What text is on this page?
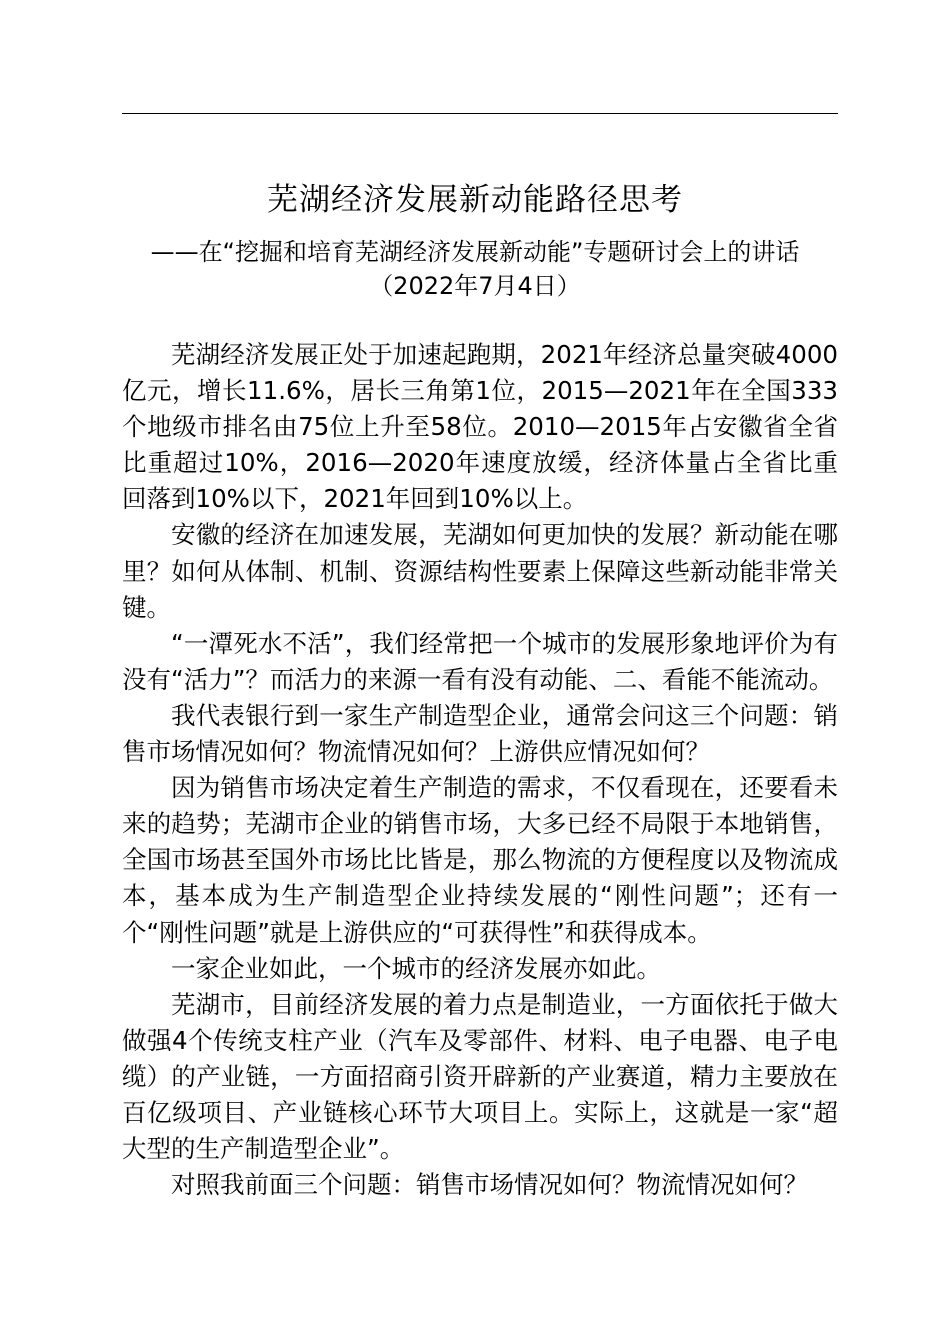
芜湖经济发展新动能路径思考
——在“挖掘和培育芜湖经济发展新动能”专题研讨会上的讲话
（2022年7月4日）

芜湖经济发展正处于加速起跑期，2021年经济总量突破4000亿元，增长11.6%，居长三角第1位，2015—2021年在全国333个地级市排名由75位上升至58位。2010—2015年占安徽省全省比重超过10%，2016—2020年速度放缓，经济体量占全省比重回落到10%以下，2021年回到10%以上。

安徽的经济在加速发展，芜湖如何更加快的发展？新动能在哪里？如何从体制、机制、资源结构性要素上保障这些新动能非常关键。

“一潭死水不活”，我们经常把一个城市的发展形象地评价为有没有“活力”？而活力的来源一看有没有动能、二、看能不能流动。

我代表银行到一家生产制造型企业，通常会问这三个问题：销售市场情况如何？物流情况如何？上游供应情况如何？

因为销售市场决定着生产制造的需求，不仅看现在，还要看未来的趋势；芜湖市企业的销售市场，大多已经不局限于本地销售，全国市场甚至国外市场比比皆是，那么物流的方便程度以及物流成本，基本成为生产制造型企业持续发展的“刚性问题”；还有一个“刚性问题”就是上游供应的“可获得性”和获得成本。

一家企业如此，一个城市的经济发展亦如此。

芜湖市，目前经济发展的着力点是制造业，一方面依托于做大做强4个传统支柱产业（汽车及零部件、材料、电子电器、电子电缆）的产业链，一方面招商引资开辟新的产业赛道，精力主要放在百亿级项目、产业链核心环节大项目上。实际上，这就是一家“超大型的生产制造型企业”。

对照我前面三个问题：销售市场情况如何？物流情况如何？
